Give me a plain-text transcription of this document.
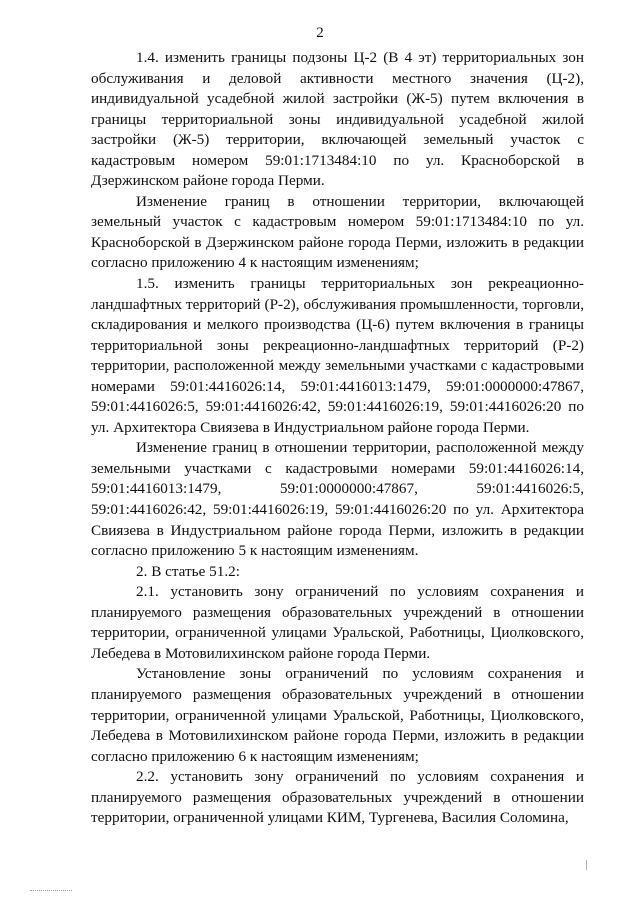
2

1.4. изменить границы подзоны Ц-2 (В 4 эт) территориальных зон обслуживания и деловой активности местного значения (Ц-2), индивидуальной усадебной жилой застройки (Ж-5) путем включения в границы территориальной зоны индивидуальной усадебной жилой застройки (Ж-5) территории, включающей земельный участок с кадастровым номером 59:01:1713484:10 по ул. Красноборской в Дзержинском районе города Перми.

Изменение границ в отношении территории, включающей земельный участок с кадастровым номером 59:01:1713484:10 по ул. Красноборской в Дзержинском районе города Перми, изложить в редакции согласно приложению 4 к настоящим изменениям;

1.5. изменить границы территориальных зон рекреационно-ландшафтных территорий (Р-2), обслуживания промышленности, торговли, складирования и мелкого производства (Ц-6) путем включения в границы территориальной зоны рекреационно-ландшафтных территорий (Р-2) территории, расположенной между земельными участками с кадастровыми номерами 59:01:4416026:14, 59:01:4416013:1479, 59:01:0000000:47867, 59:01:4416026:5, 59:01:4416026:42, 59:01:4416026:19, 59:01:4416026:20 по ул. Архитектора Свиязева в Индустриальном районе города Перми.

Изменение границ в отношении территории, расположенной между земельными участками с кадастровыми номерами 59:01:4416026:14, 59:01:4416013:1479, 59:01:0000000:47867, 59:01:4416026:5, 59:01:4416026:42, 59:01:4416026:19, 59:01:4416026:20 по ул. Архитектора Свиязева в Индустриальном районе города Перми, изложить в редакции согласно приложению 5 к настоящим изменениям.

2. В статье 51.2:

2.1. установить зону ограничений по условиям сохранения и планируемого размещения образовательных учреждений в отношении территории, ограниченной улицами Уральской, Работницы, Циолковского, Лебедева в Мотовилихинском районе города Перми.

Установление зоны ограничений по условиям сохранения и планируемого размещения образовательных учреждений в отношении территории, ограниченной улицами Уральской, Работницы, Циолковского, Лебедева в Мотовилихинском районе города Перми, изложить в редакции согласно приложению 6 к настоящим изменениям;

2.2. установить зону ограничений по условиям сохранения и планируемого размещения образовательных учреждений в отношении территории, ограниченной улицами КИМ, Тургенева, Василия Соломина,
